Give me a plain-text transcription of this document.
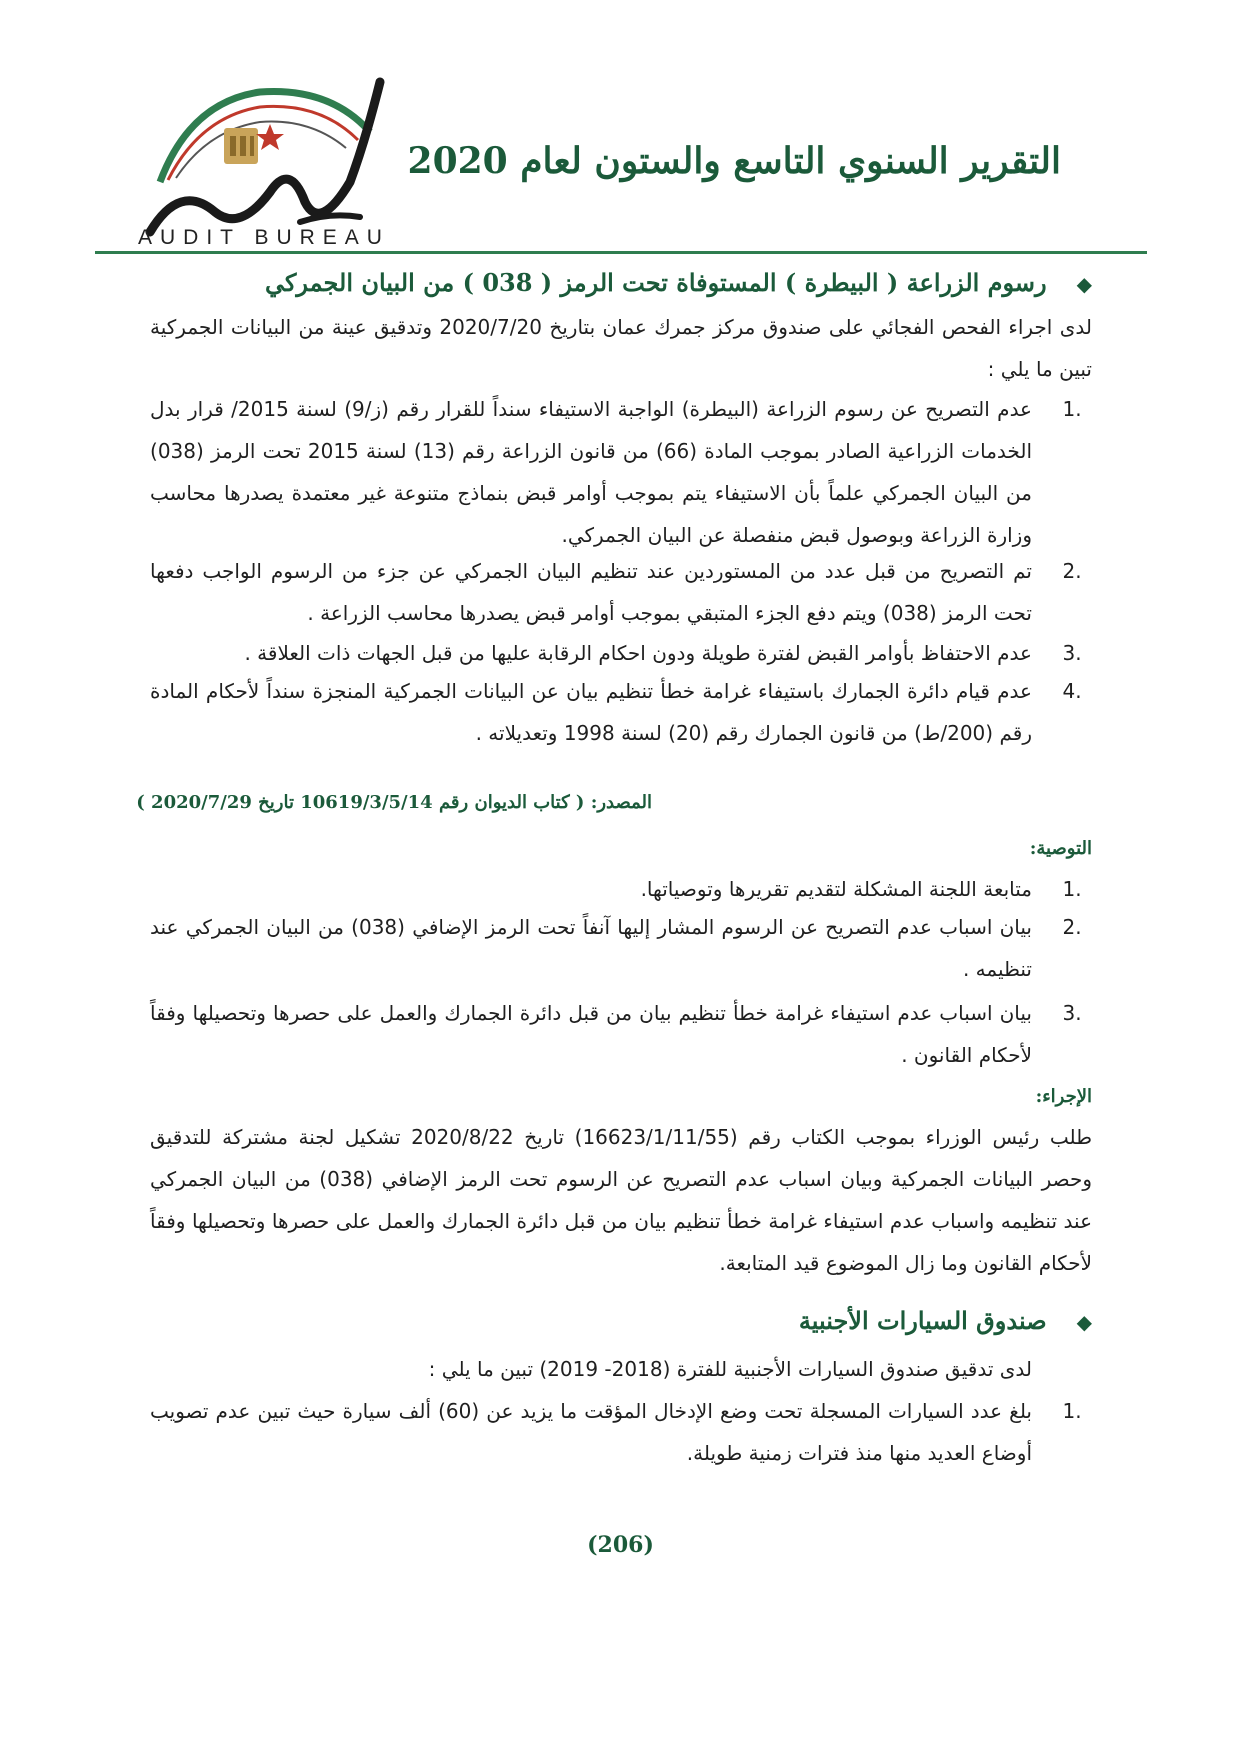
AUDIT BUREAU
التقرير السنوي التاسع والستون لعام 2020
◆رسوم الزراعة ( البيطرة ) المستوفاة تحت الرمز ( 038 ) من البيان الجمركي
لدى اجراء الفحص الفجائي على صندوق مركز جمرك عمان بتاريخ 2020/7/20 وتدقيق عينة من البيانات الجمركية تبين ما يلي :
.1
عدم التصريح عن رسوم الزراعة (البيطرة) الواجبة الاستيفاء سنداً للقرار رقم (ز/9) لسنة 2015/ قرار بدل الخدمات الزراعية الصادر بموجب المادة (66) من قانون الزراعة رقم (13) لسنة 2015 تحت الرمز (038) من البيان الجمركي علماً بأن الاستيفاء يتم بموجب أوامر قبض بنماذج متنوعة غير معتمدة يصدرها محاسب وزارة الزراعة وبوصول قبض منفصلة عن البيان الجمركي.
.2
تم التصريح من قبل عدد من المستوردين عند تنظيم البيان الجمركي عن جزء من الرسوم الواجب دفعها تحت الرمز (038) ويتم دفع الجزء المتبقي بموجب أوامر قبض يصدرها محاسب الزراعة .
.3
عدم الاحتفاظ بأوامر القبض لفترة طويلة ودون احكام الرقابة عليها من قبل الجهات ذات العلاقة .
.4
عدم قيام دائرة الجمارك باستيفاء غرامة خطأ تنظيم بيان عن البيانات الجمركية المنجزة سنداً لأحكام المادة رقم (200/ط) من قانون الجمارك رقم (20) لسنة 1998 وتعديلاته .
المصدر: ( كتاب الديوان رقم 10619/3/5/14 تاريخ 2020/7/29 )
التوصية:
.1
متابعة اللجنة المشكلة لتقديم تقريرها وتوصياتها.
.2
بيان اسباب عدم التصريح عن الرسوم المشار إليها آنفاً تحت الرمز الإضافي (038) من البيان الجمركي عند تنظيمه .
.3
بيان اسباب عدم استيفاء غرامة خطأ تنظيم بيان من قبل دائرة الجمارك والعمل على حصرها وتحصيلها وفقاً لأحكام القانون .
الإجراء:
طلب رئيس الوزراء بموجب الكتاب رقم (16623/1/11/55) تاريخ 2020/8/22 تشكيل لجنة مشتركة للتدقيق وحصر البيانات الجمركية وبيان اسباب عدم التصريح عن الرسوم تحت الرمز الإضافي (038) من البيان الجمركي عند تنظيمه واسباب عدم استيفاء غرامة خطأ تنظيم بيان من قبل دائرة الجمارك والعمل على حصرها وتحصيلها وفقاً لأحكام القانون وما زال الموضوع قيد المتابعة.
◆صندوق السيارات الأجنبية
لدى تدقيق صندوق السيارات الأجنبية للفترة (2018- 2019) تبين ما يلي :
.1
بلغ عدد السيارات المسجلة تحت وضع الإدخال المؤقت ما يزيد عن (60) ألف سيارة حيث تبين عدم تصويب أوضاع العديد منها منذ فترات زمنية طويلة.
(206)
